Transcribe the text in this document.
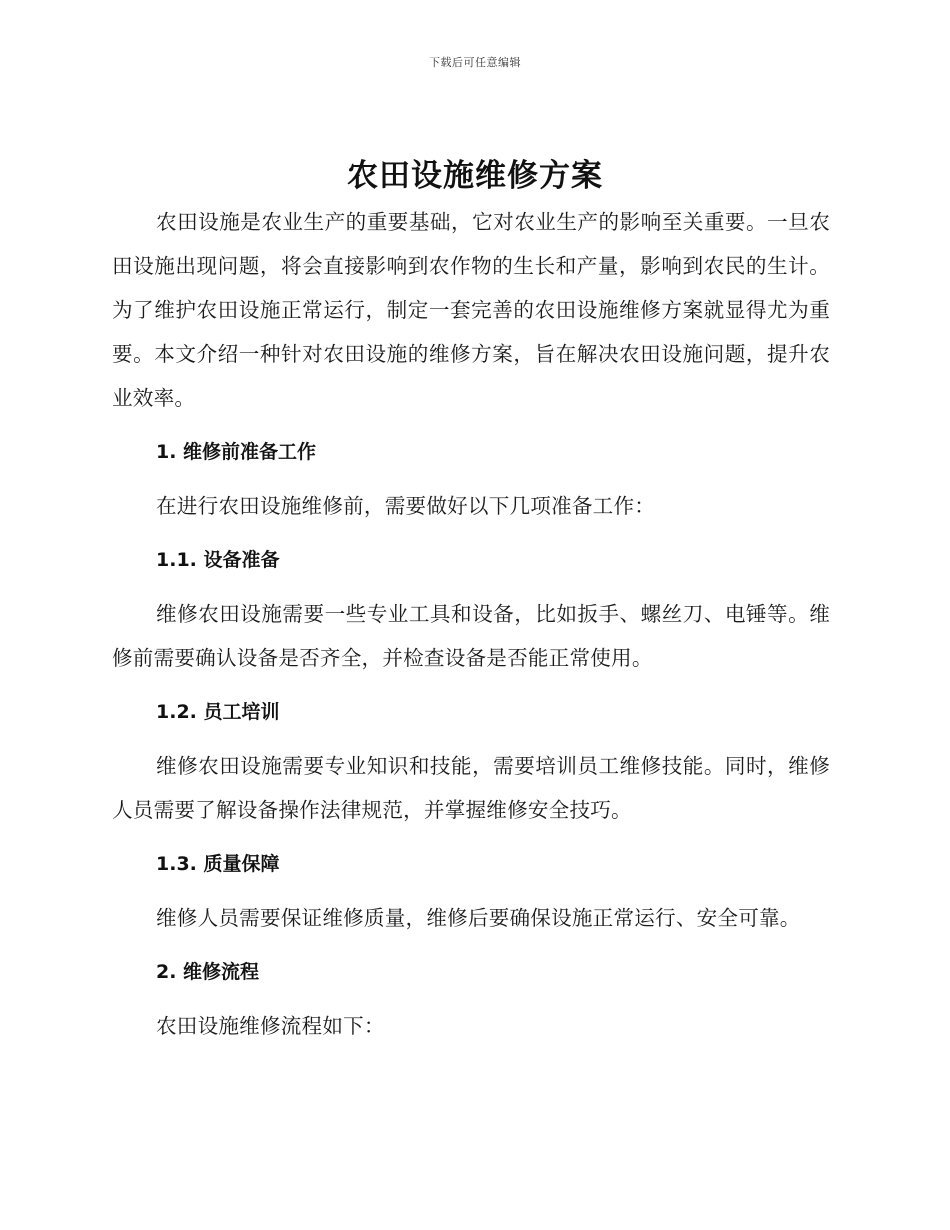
下载后可任意编辑
农田设施维修方案

农田设施是农业生产的重要基础，它对农业生产的影响至关重要。一旦农田设施出现问题，将会直接影响到农作物的生长和产量，影响到农民的生计。为了维护农田设施正常运行，制定一套完善的农田设施维修方案就显得尤为重要。本文介绍一种针对农田设施的维修方案，旨在解决农田设施问题，提升农业效率。

1. 维修前准备工作

在进行农田设施维修前，需要做好以下几项准备工作：

1.1. 设备准备

维修农田设施需要一些专业工具和设备，比如扳手、螺丝刀、电锤等。维修前需要确认设备是否齐全，并检查设备是否能正常使用。

1.2. 员工培训

维修农田设施需要专业知识和技能，需要培训员工维修技能。同时，维修人员需要了解设备操作法律规范，并掌握维修安全技巧。

1.3. 质量保障

维修人员需要保证维修质量，维修后要确保设施正常运行、安全可靠。

2. 维修流程

农田设施维修流程如下：
